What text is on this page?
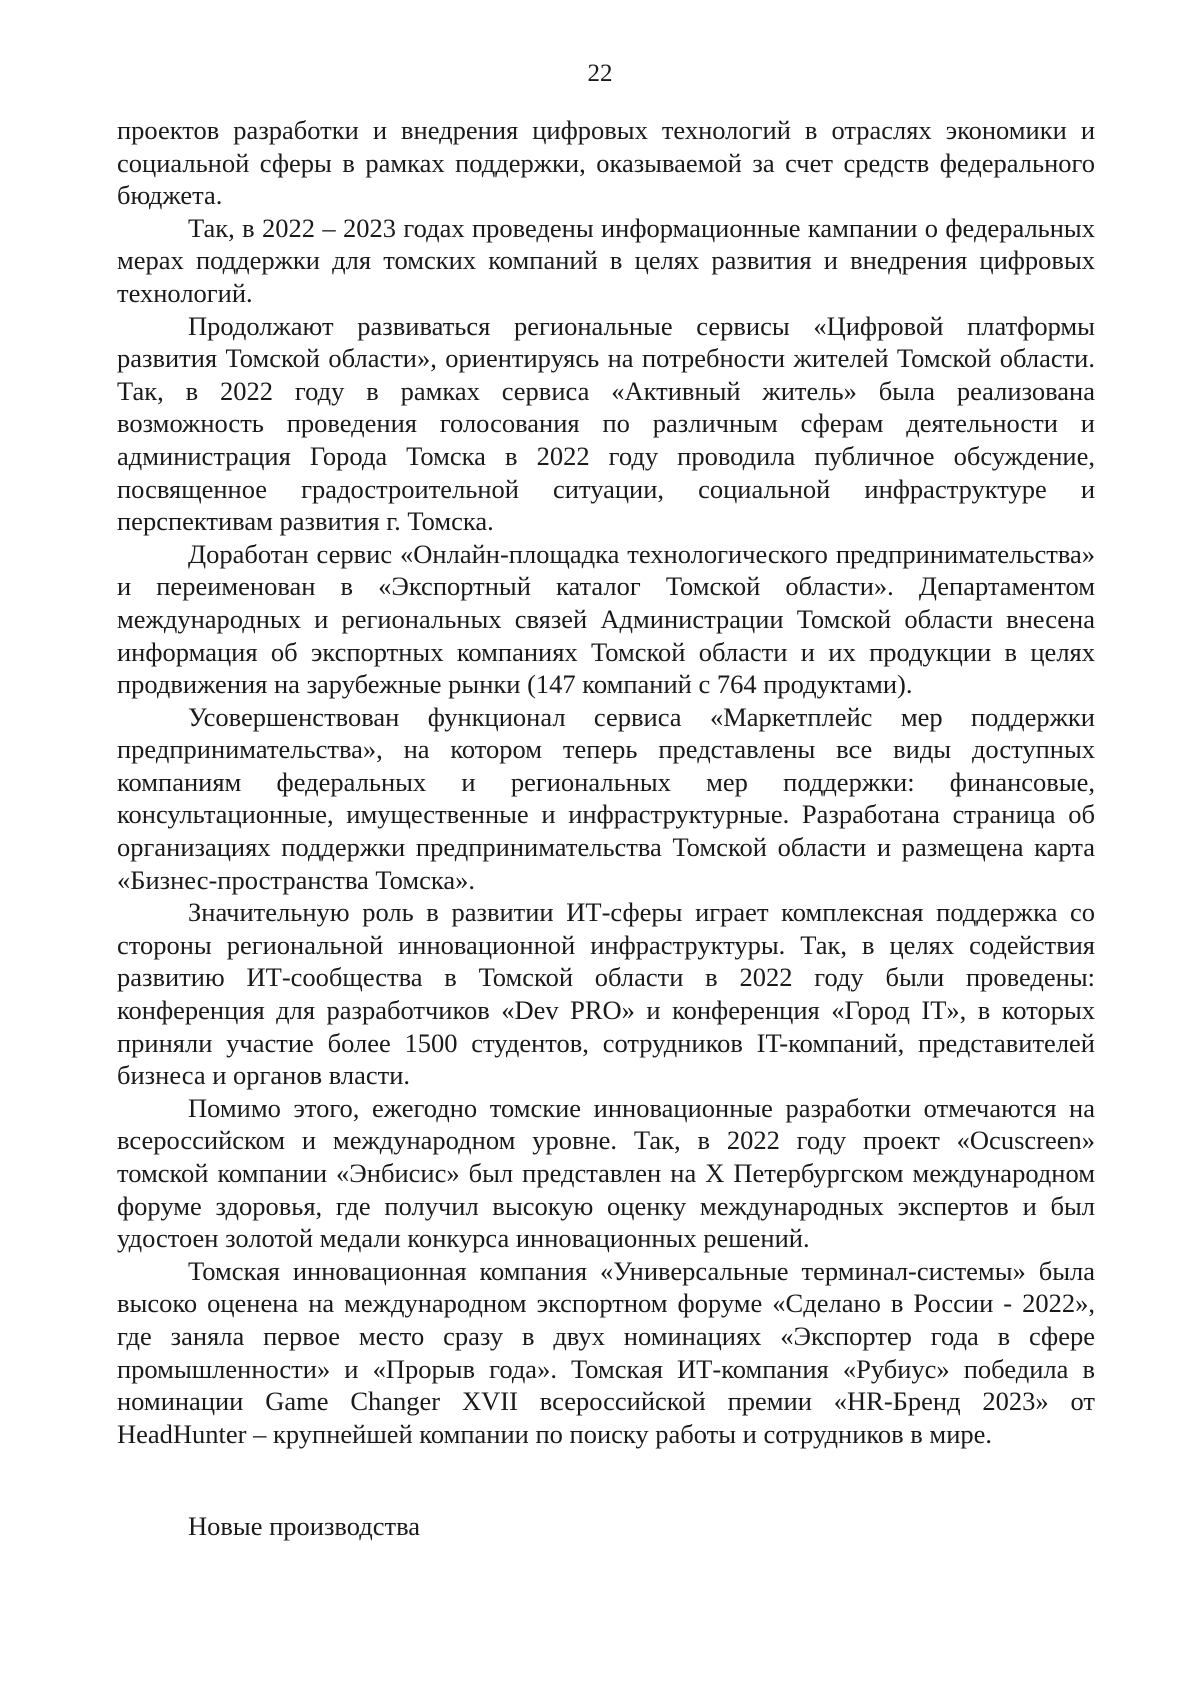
22

проектов разработки и внедрения цифровых технологий в отраслях экономики и социальной сферы в рамках поддержки, оказываемой за счет средств федерального бюджета.

Так, в 2022 – 2023 годах проведены информационные кампании о федеральных мерах поддержки для томских компаний в целях развития и внедрения цифровых технологий.

Продолжают развиваться региональные сервисы «Цифровой платформы развития Томской области», ориентируясь на потребности жителей Томской области. Так, в 2022 году в рамках сервиса «Активный житель» была реализована возможность проведения голосования по различным сферам деятельности и администрация Города Томска в 2022 году проводила публичное обсуждение, посвященное градостроительной ситуации, социальной инфраструктуре и перспективам развития г. Томска.

Доработан сервис «Онлайн-площадка технологического предпринимательства» и переименован в «Экспортный каталог Томской области». Департаментом международных и региональных связей Администрации Томской области внесена информация об экспортных компаниях Томской области и их продукции в целях продвижения на зарубежные рынки (147 компаний с 764 продуктами).

Усовершенствован функционал сервиса «Маркетплейс мер поддержки предпринимательства», на котором теперь представлены все виды доступных компаниям федеральных и региональных мер поддержки: финансовые, консультационные, имущественные и инфраструктурные. Разработана страница об организациях поддержки предпринимательства Томской области и размещена карта «Бизнес-пространства Томска».

Значительную роль в развитии ИТ-сферы играет комплексная поддержка со стороны региональной инновационной инфраструктуры. Так, в целях содействия развитию ИТ-сообщества в Томской области в 2022 году были проведены: конференция для разработчиков «Dev PRO» и конференция «Город IT», в которых приняли участие более 1500 студентов, сотрудников IT-компаний, представителей бизнеса и органов власти.

Помимо этого, ежегодно томские инновационные разработки отмечаются на всероссийском и международном уровне. Так, в 2022 году проект «Ocuscreen» томской компании «Энбисис» был представлен на X Петербургском международном форуме здоровья, где получил высокую оценку международных экспертов и был удостоен золотой медали конкурса инновационных решений.

Томская инновационная компания «Универсальные терминал-системы» была высоко оценена на международном экспортном форуме «Сделано в России - 2022», где заняла первое место сразу в двух номинациях «Экспортер года в сфере промышленности» и «Прорыв года». Томская ИТ-компания «Рубиус» победила в номинации Game Changer XVII всероссийской премии «HR-Бренд 2023» от HeadHunter – крупнейшей компании по поиску работы и сотрудников в мире.

Новые производства
